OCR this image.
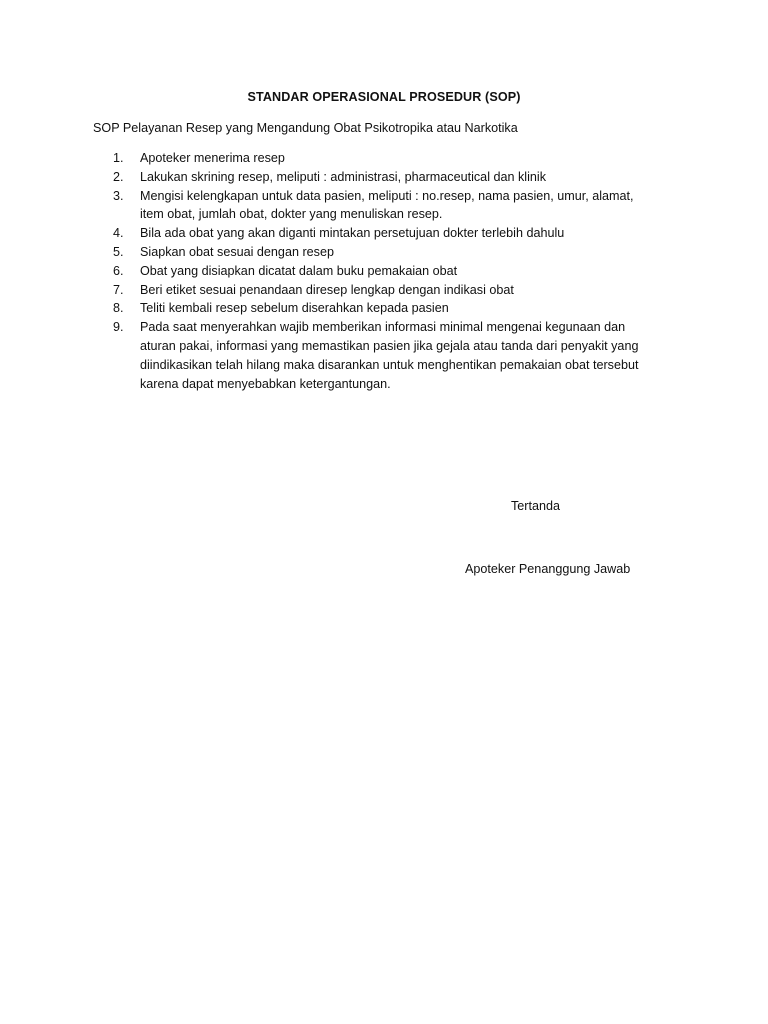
STANDAR OPERASIONAL PROSEDUR (SOP)
SOP Pelayanan Resep yang Mengandung Obat Psikotropika atau Narkotika
1.	Apoteker menerima resep
2.	Lakukan skrining resep, meliputi : administrasi, pharmaceutical dan klinik
3.	Mengisi kelengkapan untuk data pasien, meliputi : no.resep, nama pasien, umur, alamat, item obat, jumlah obat, dokter yang menuliskan resep.
4.	Bila ada obat yang akan diganti mintakan persetujuan dokter terlebih dahulu
5.	Siapkan obat sesuai dengan resep
6.	Obat yang disiapkan dicatat dalam buku pemakaian obat
7.	Beri etiket sesuai penandaan diresep lengkap dengan indikasi obat
8.	Teliti kembali resep sebelum diserahkan kepada pasien
9.	Pada saat menyerahkan wajib memberikan informasi minimal mengenai kegunaan dan aturan pakai, informasi yang memastikan pasien jika gejala atau tanda dari penyakit yang diindikasikan telah hilang maka disarankan untuk menghentikan pemakaian obat tersebut karena dapat menyebabkan ketergantungan.
Tertanda
Apoteker Penanggung Jawab
